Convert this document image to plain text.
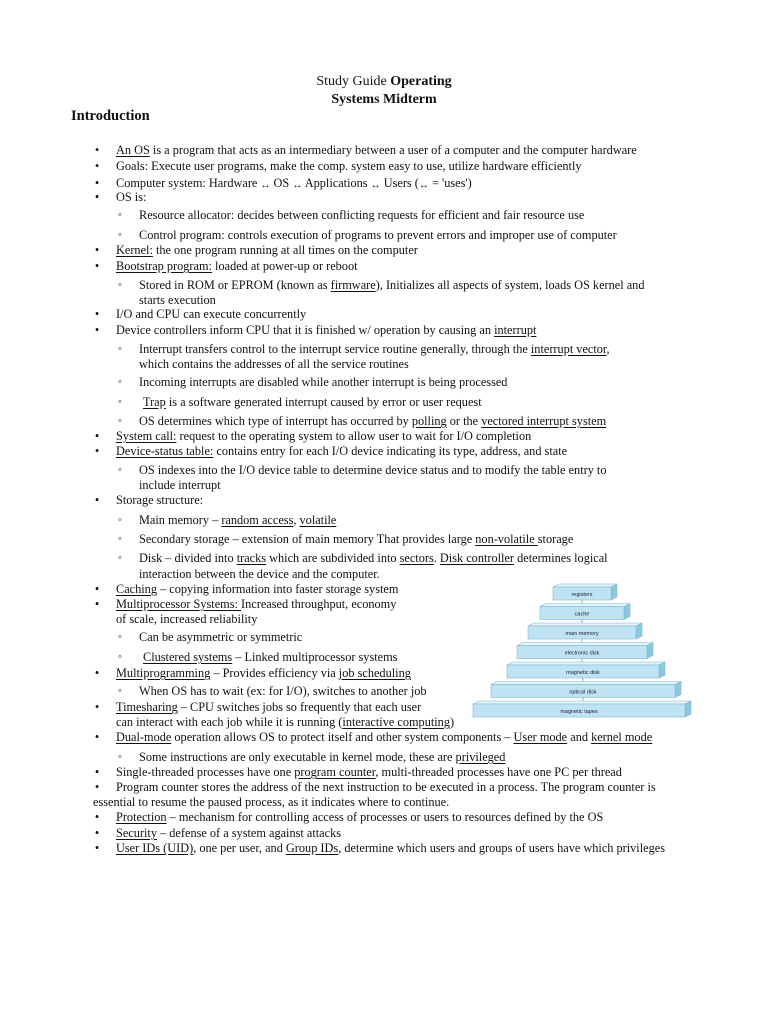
Study Guide Operating
Systems Midterm
Introduction
•
•
•
•
•
•
•
•
•
•
•
•
•
•
•
•
•
•
•
•
•
◦
◦
◦
◦
◦
◦
◦
◦
◦
◦
◦
◦
◦
◦
◦
An OS is a program that acts as an intermediary between a user of a computer and the computer hardware
Goals: Execute user programs, make the comp. system easy to use, utilize hardware efficiently
Computer system: Hardware ↔ OS ↔ Applications ↔ Users (↔ = 'uses')
OS is:
Resource allocator: decides between conflicting requests for efficient and fair resource use
Control program: controls execution of programs to prevent errors and improper use of computer
Kernel: the one program running at all times on the computer
Bootstrap program: loaded at power-up or reboot
Stored in ROM or EPROM (known as firmware), Initializes all aspects of system, loads OS kernel and
starts execution
I/O and CPU can execute concurrently
Device controllers inform CPU that it is finished w/ operation by causing an interrupt
Interrupt transfers control to the interrupt service routine generally, through the interrupt vector,
which contains the addresses of all the service routines
Incoming interrupts are disabled while another interrupt is being processed
Trap is a software generated interrupt caused by error or user request
OS determines which type of interrupt has occurred by polling or the vectored interrupt system
System call: request to the operating system to allow user to wait for I/O completion
Device-status table: contains entry for each I/O device indicating its type, address, and state
OS indexes into the I/O device table to determine device status and to modify the table entry to
include interrupt
Storage structure:
Main memory – random access, volatile
Secondary storage – extension of main memory That provides large non-volatile storage
Disk – divided into tracks which are subdivided into sectors. Disk controller determines logical
interaction between the device and the computer.
Caching – copying information into faster storage system
Multiprocessor Systems: Increased throughput, economy
of scale, increased reliability
Can be asymmetric or symmetric
Clustered systems – Linked multiprocessor systems
Multiprogramming – Provides efficiency via job scheduling
When OS has to wait (ex: for I/O), switches to another job
Timesharing – CPU switches jobs so frequently that each user
can interact with each job while it is running (interactive computing)
Dual-mode operation allows OS to protect itself and other system components – User mode and kernel mode
Some instructions are only executable in kernel mode, these are privileged
Single-threaded processes have one program counter, multi-threaded processes have one PC per thread
Program counter stores the address of the next instruction to be executed in a process. The program counter is
essential to resume the paused process, as it indicates where to continue.
Protection – mechanism for controlling access of processes or users to resources defined by the OS
Security – defense of a system against attacks
User IDs (UID), one per user, and Group IDs, determine which users and groups of users have which privileges
registers
cache
main memory
electronic disk
magnetic disk
optical disk
magnetic tapes
